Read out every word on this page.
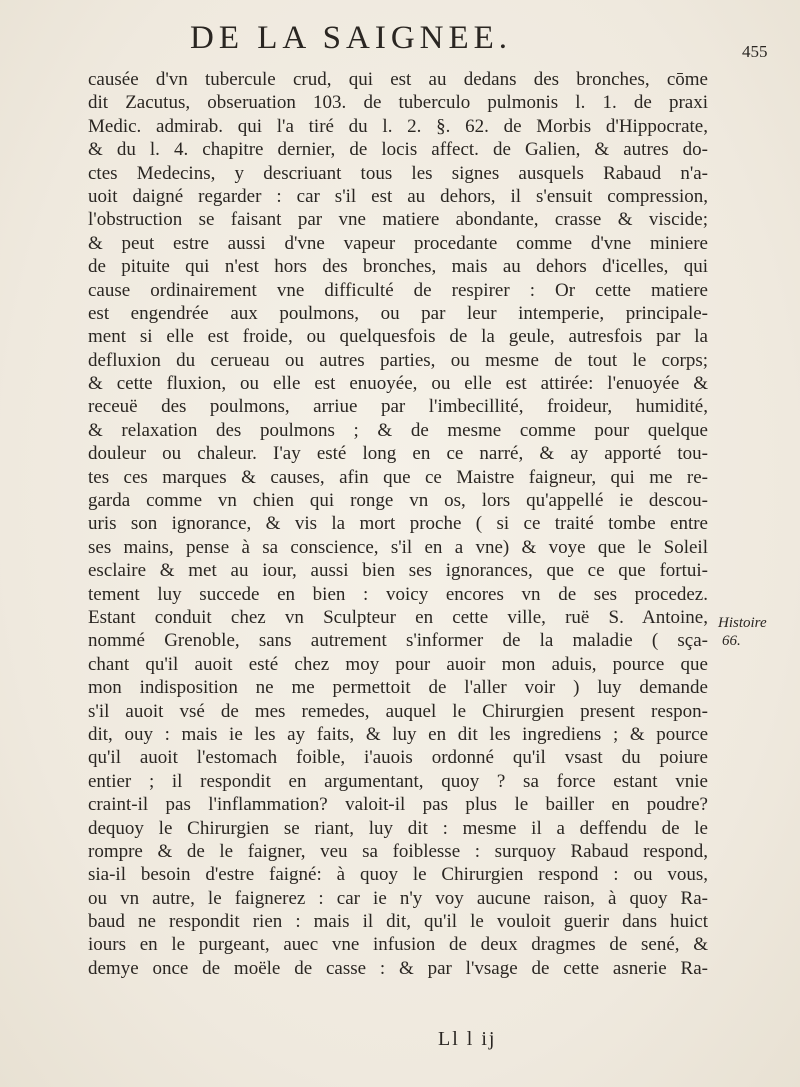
DE LA SAIGNEE.	455
causée d'vn tubercule crud, qui est au dedans des bronches, cōme
dit Zacutus, obseruation 103. de tuberculo pulmonis l. 1. de praxi
Medic. admirab. qui l'a tiré du l. 2. §. 62. de Morbis d'Hippocrate,
& du l. 4. chapitre dernier, de locis affect. de Galien, & autres do-
ctes Medecins, y descriuant tous les signes ausquels Rabaud n'a-
uoit daigné regarder : car s'il est au dehors, il s'ensuit compression,
l'obstruction se faisant par vne matiere abondante, crasse & viscide;
& peut estre aussi d'vne vapeur procedante comme d'vne miniere
de pituite qui n'est hors des bronches, mais au dehors d'icelles, qui
cause ordinairement vne difficulté de respirer : Or cette matiere
est engendrée aux poulmons, ou par leur intemperie, principale-
ment si elle est froide, ou quelquesfois de la geule, autresfois par la
defluxion du cerueau ou autres parties, ou mesme de tout le corps;
& cette fluxion, ou elle est enuoyée, ou elle est attirée: l'enuoyée &
receuë des poulmons, arriue par l'imbecillité, froideur, humidité,
& relaxation des poulmons ; & de mesme comme pour quelque
douleur ou chaleur. I'ay esté long en ce narré, & ay apporté tou-
tes ces marques & causes, afin que ce Maistre faigneur, qui me re-
garda comme vn chien qui ronge vn os, lors qu'appellé ie descou-
uris son ignorance, & vis la mort proche ( si ce traité tombe entre
ses mains, pense à sa conscience, s'il en a vne) & voye que le Soleil
esclaire & met au iour, aussi bien ses ignorances, que ce que fortui-
tement luy succede en bien : voicy encores vn de ses procedez.
Estant conduit chez vn Sculpteur en cette ville, ruë S. Antoine,
nommé Grenoble, sans autrement s'informer de la maladie ( sça-
chant qu'il auoit esté chez moy pour auoir mon aduis, pource que
mon indisposition ne me permettoit de l'aller voir ) luy demande
s'il auoit vsé de mes remedes, auquel le Chirurgien present respon-
dit, ouy : mais ie les ay faits, & luy en dit les ingrediens ; & pource
qu'il auoit l'estomach foible, i'auois ordonné qu'il vsast du poiure
entier ; il respondit en argumentant, quoy ? sa force estant vnie
craint-il pas l'inflammation? valoit-il pas plus le bailler en poudre?
dequoy le Chirurgien se riant, luy dit : mesme il a deffendu de le
rompre & de le faigner, veu sa foiblesse : surquoy Rabaud respond,
sia-il besoin d'estre faigné: à quoy le Chirurgien respond : ou vous,
ou vn autre, le faignerez : car ie n'y voy aucune raison, à quoy Ra-
baud ne respondit rien : mais il dit, qu'il le vouloit guerir dans huict
iours en le purgeant, auec vne infusion de deux dragmes de sené, &
demye once de moële de casse : & par l'vsage de cette asnerie Ra-
Histoire
66.
Ll l ij
